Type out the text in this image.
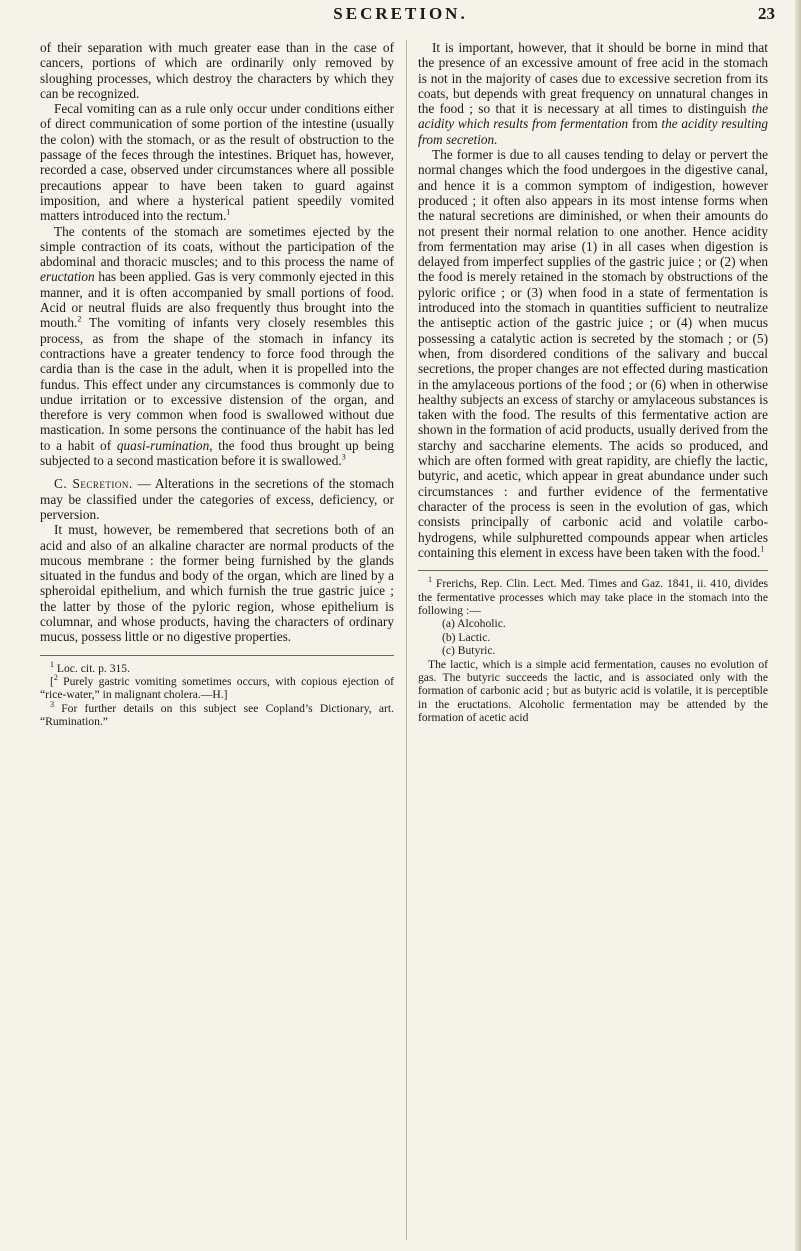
SECRETION.	23

of their separation with much greater ease than in the case of cancers, portions of which are ordinarily only removed by sloughing processes, which destroy the characters by which they can be recognized.

Fecal vomiting can as a rule only occur under conditions either of direct communication of some portion of the intestine (usually the colon) with the stomach, or as the result of obstruction to the passage of the feces through the intestines. Briquet has, however, recorded a case, observed under circumstances where all possible precautions appear to have been taken to guard against imposition, and where a hysterical patient speedily vomited matters introduced into the rectum.$^1$

The contents of the stomach are sometimes ejected by the simple contraction of its coats, without the participation of the abdominal and thoracic muscles; and to this process the name of eructation has been applied. Gas is very commonly ejected in this manner, and it is often accompanied by small portions of food. Acid or neutral fluids are also frequently thus brought into the mouth.$^2$ The vomiting of infants very closely resembles this process, as from the shape of the stomach in infancy its contractions have a greater tendency to force food through the cardia than is the case in the adult, when it is propelled into the fundus. This effect under any circumstances is commonly due to undue irritation or to excessive distension of the organ, and therefore is very common when food is swallowed without due mastication. In some persons the continuance of the habit has led to a habit of quasi-rumination, the food thus brought up being subjected to a second mastication before it is swallowed.$^3$

C. Secretion. — Alterations in the secretions of the stomach may be classified under the categories of excess, deficiency, or perversion.

It must, however, be remembered that secretions both of an acid and also of an alkaline character are normal products of the mucous membrane : the former being furnished by the glands situated in the fundus and body of the organ, which are lined by a spheroidal epithelium, and which furnish the true gastric juice ; the latter by those of the pyloric region, whose epithelium is columnar, and whose products, having the characters of ordinary mucus, possess little or no digestive properties.

$^1$ Loc. cit. p. 315.

[$^2$ Purely gastric vomiting sometimes occurs, with copious ejection of “rice-water,” in malignant cholera.—H.]

$^3$ For further details on this subject see Copland’s Dictionary, art. “Rumination.”

It is important, however, that it should be borne in mind that the presence of an excessive amount of free acid in the stomach is not in the majority of cases due to excessive secretion from its coats, but depends with great frequency on unnatural changes in the food ; so that it is necessary at all times to distinguish the acidity which results from fermentation from the acidity resulting from secretion.

The former is due to all causes tending to delay or pervert the normal changes which the food undergoes in the digestive canal, and hence it is a common symptom of indigestion, however produced ; it often also appears in its most intense forms when the natural secretions are diminished, or when their amounts do not present their normal relation to one another. Hence acidity from fermentation may arise (1) in all cases when digestion is delayed from imperfect supplies of the gastric juice ; or (2) when the food is merely retained in the stomach by obstructions of the pyloric orifice ; or (3) when food in a state of fermentation is introduced into the stomach in quantities sufficient to neutralize the antiseptic action of the gastric juice ; or (4) when mucus possessing a catalytic action is secreted by the stomach ; or (5) when, from disordered conditions of the salivary and buccal secretions, the proper changes are not effected during mastication in the amylaceous portions of the food ; or (6) when in otherwise healthy subjects an excess of starchy or amylaceous substances is taken with the food. The results of this fermentative action are shown in the formation of acid products, usually derived from the starchy and saccharine elements. The acids so produced, and which are often formed with great rapidity, are chiefly the lactic, butyric, and acetic, which appear in great abundance under such circumstances : and further evidence of the fermentative character of the process is seen in the evolution of gas, which consists principally of carbonic acid and volatile carbo-hydrogens, while sulphuretted compounds appear when articles containing this element in excess have been taken with the food.$^1$

$^1$ Frerichs, Rep. Clin. Lect. Med. Times and Gaz. 1841, ii. 410, divides the fermentative processes which may take place in the stomach into the following :—

(a) Alcoholic.

(b) Lactic.

(c) Butyric.

The lactic, which is a simple acid fermentation, causes no evolution of gas. The butyric succeeds the lactic, and is associated only with the formation of carbonic acid ; but as butyric acid is volatile, it is perceptible in the eructations. Alcoholic fermentation may be attended by the formation of acetic acid
